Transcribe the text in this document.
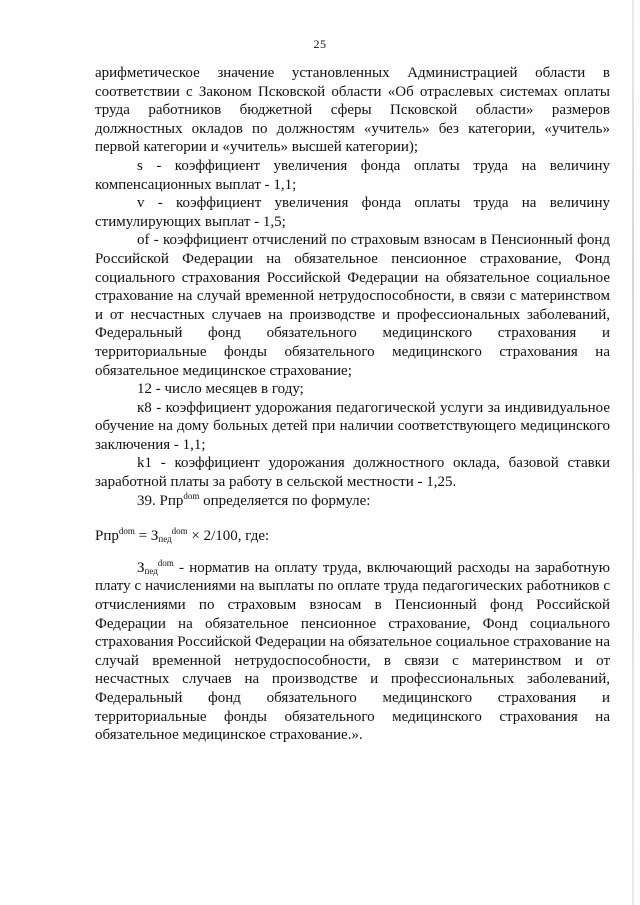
25

арифметическое значение установленных Администрацией области в соответствии с Законом Псковской области «Об отраслевых системах оплаты труда работников бюджетной сферы Псковской области» размеров должностных окладов по должностям «учитель» без категории, «учитель» первой категории и «учитель» высшей категории);

s - коэффициент увеличения фонда оплаты труда на величину компенсационных выплат - 1,1;

v - коэффициент увеличения фонда оплаты труда на величину стимулирующих выплат - 1,5;

of - коэффициент отчислений по страховым взносам в Пенсионный фонд Российской Федерации на обязательное пенсионное страхование, Фонд социального страхования Российской Федерации на обязательное социальное страхование на случай временной нетрудоспособности, в связи с материнством и от несчастных случаев на производстве и профессиональных заболеваний, Федеральный фонд обязательного медицинского страхования и территориальные фонды обязательного медицинского страхования на обязательное медицинское страхование;

12 - число месяцев в году;

к8 - коэффициент удорожания педагогической услуги за индивидуальное обучение на дому больных детей при наличии соответствующего медицинского заключения - 1,1;

k1 - коэффициент удорожания должностного оклада, базовой ставки заработной платы за работу в сельской местности - 1,25.

39. Рпр$^{dom}$ определяется по формуле:

$Рпр^{dom} = З_{пед}^{dom} \times 2/100$, где:

$З_{пед}^{dom}$ - норматив на оплату труда, включающий расходы на заработную плату с начислениями на выплаты по оплате труда педагогических работников с отчислениями по страховым взносам в Пенсионный фонд Российской Федерации на обязательное пенсионное страхование, Фонд социального страхования Российской Федерации на обязательное социальное страхование на случай временной нетрудоспособности, в связи с материнством и от несчастных случаев на производстве и профессиональных заболеваний, Федеральный фонд обязательного медицинского страхования и территориальные фонды обязательного медицинского страхования на обязательное медицинское страхование.».
